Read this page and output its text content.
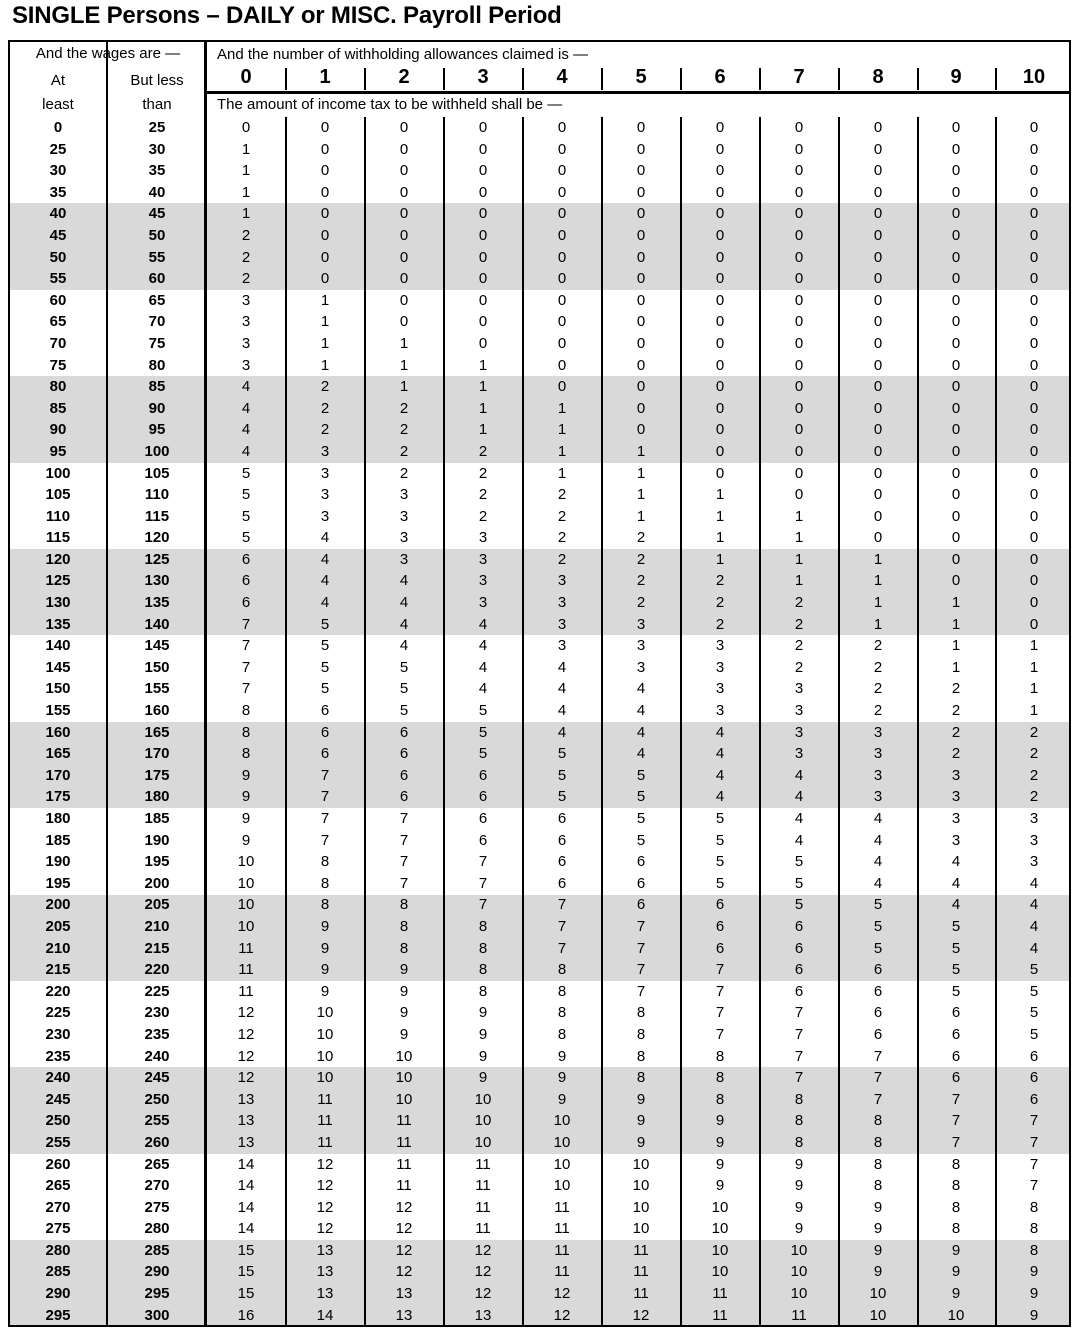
SINGLE Persons – DAILY or MISC. Payroll Period
And the wages are —
At
least
But less
than
And the number of withholding allowances claimed is —
The amount of income tax to be withheld shall be —
0	1	2	3	4	5	6	7	8	9	10
0	25	0	0	0	0	0	0	0	0	0	0	0
25	30	1	0	0	0	0	0	0	0	0	0	0
30	35	1	0	0	0	0	0	0	0	0	0	0
35	40	1	0	0	0	0	0	0	0	0	0	0
40	45	1	0	0	0	0	0	0	0	0	0	0
45	50	2	0	0	0	0	0	0	0	0	0	0
50	55	2	0	0	0	0	0	0	0	0	0	0
55	60	2	0	0	0	0	0	0	0	0	0	0
60	65	3	1	0	0	0	0	0	0	0	0	0
65	70	3	1	0	0	0	0	0	0	0	0	0
70	75	3	1	1	0	0	0	0	0	0	0	0
75	80	3	1	1	1	0	0	0	0	0	0	0
80	85	4	2	1	1	0	0	0	0	0	0	0
85	90	4	2	2	1	1	0	0	0	0	0	0
90	95	4	2	2	1	1	0	0	0	0	0	0
95	100	4	3	2	2	1	1	0	0	0	0	0
100	105	5	3	2	2	1	1	0	0	0	0	0
105	110	5	3	3	2	2	1	1	0	0	0	0
110	115	5	3	3	2	2	1	1	1	0	0	0
115	120	5	4	3	3	2	2	1	1	0	0	0
120	125	6	4	3	3	2	2	1	1	1	0	0
125	130	6	4	4	3	3	2	2	1	1	0	0
130	135	6	4	4	3	3	2	2	2	1	1	0
135	140	7	5	4	4	3	3	2	2	1	1	0
140	145	7	5	4	4	3	3	3	2	2	1	1
145	150	7	5	5	4	4	3	3	2	2	1	1
150	155	7	5	5	4	4	4	3	3	2	2	1
155	160	8	6	5	5	4	4	3	3	2	2	1
160	165	8	6	6	5	4	4	4	3	3	2	2
165	170	8	6	6	5	5	4	4	3	3	2	2
170	175	9	7	6	6	5	5	4	4	3	3	2
175	180	9	7	6	6	5	5	4	4	3	3	2
180	185	9	7	7	6	6	5	5	4	4	3	3
185	190	9	7	7	6	6	5	5	4	4	3	3
190	195	10	8	7	7	6	6	5	5	4	4	3
195	200	10	8	7	7	6	6	5	5	4	4	4
200	205	10	8	8	7	7	6	6	5	5	4	4
205	210	10	9	8	8	7	7	6	6	5	5	4
210	215	11	9	8	8	7	7	6	6	5	5	4
215	220	11	9	9	8	8	7	7	6	6	5	5
220	225	11	9	9	8	8	7	7	6	6	5	5
225	230	12	10	9	9	8	8	7	7	6	6	5
230	235	12	10	9	9	8	8	7	7	6	6	5
235	240	12	10	10	9	9	8	8	7	7	6	6
240	245	12	10	10	9	9	8	8	7	7	6	6
245	250	13	11	10	10	9	9	8	8	7	7	6
250	255	13	11	11	10	10	9	9	8	8	7	7
255	260	13	11	11	10	10	9	9	8	8	7	7
260	265	14	12	11	11	10	10	9	9	8	8	7
265	270	14	12	11	11	10	10	9	9	8	8	7
270	275	14	12	12	11	11	10	10	9	9	8	8
275	280	14	12	12	11	11	10	10	9	9	8	8
280	285	15	13	12	12	11	11	10	10	9	9	8
285	290	15	13	12	12	11	11	10	10	9	9	9
290	295	15	13	13	12	12	11	11	10	10	9	9
295	300	16	14	13	13	12	12	11	11	10	10	9
